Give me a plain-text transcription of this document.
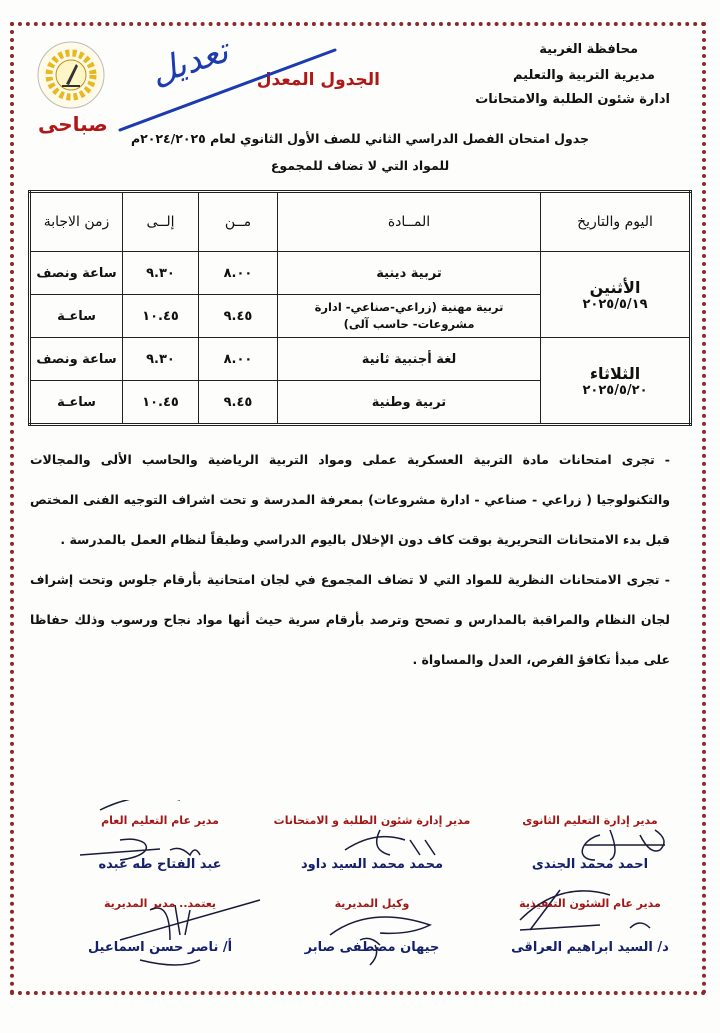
محافظة الغربية
مديرية التربية والتعليم
ادارة شئون الطلبة والامتحانات
الجدول المعدل
تعديل
صباحى
جدول امتحان الفصل الدراسي الثاني للصف الأول الثانوي لعام ٢٠٢٤/٢٠٢٥م
للمواد التي لا تضاف للمجموع
اليوم والتاريخ	المــادة	مــن	إلــى	زمن الاجابة

الأثنين
٢٠٢٥/٥/١٩	تربية دينية	٨.٠٠	٩.٣٠	ساعة ونصف
	تربية مهنية (زراعي-صناعي- ادارة مشروعات- حاسب آلى)	٩.٤٥	١٠.٤٥	ساعـة

الثلاثاء
٢٠٢٥/٥/٢٠	لغة أجنبية ثانية	٨.٠٠	٩.٣٠	ساعة ونصف
	تربية وطنية	٩.٤٥	١٠.٤٥	ساعـة
- تجرى امتحانات مادة التربية العسكرية عملى ومواد التربية الرياضية والحاسب الألى والمجالات والتكنولوجيا ( زراعي - صناعي - ادارة مشروعات) بمعرفة المدرسة و تحت اشراف التوجيه الفنى المختص قبل بدء الامتحانات التحريرية بوقت كاف دون الإخلال باليوم الدراسي وطبقاً لنظام العمل بالمدرسة .
- تجرى الامتحانات النظرية للمواد التي لا تضاف المجموع في لجان امتحانية بأرقام جلوس وتحت إشراف لجان النظام والمراقبة بالمدارس و تصحح وترصد بأرقام سرية حيث أنها مواد نجاح ورسوب وذلك حفاظا على مبدأ تكافؤ الفرص، العدل والمساواة .
مدير إدارة التعليم الثانوى
احمد محمد الجندى
مدير إدارة شئون الطلبة و الامتحانات
محمد محمد السيد داود
مدير عام التعليم العام
عبد الفتاح طه عبده
مدير عام الشئون التنفيذية
د/ السيد ابراهيم العراقى
وكيل المديرية
جيهان مصطفى صابر
يعتمد.. مدير المديرية
أ/ ناصر حسن اسماعيل
